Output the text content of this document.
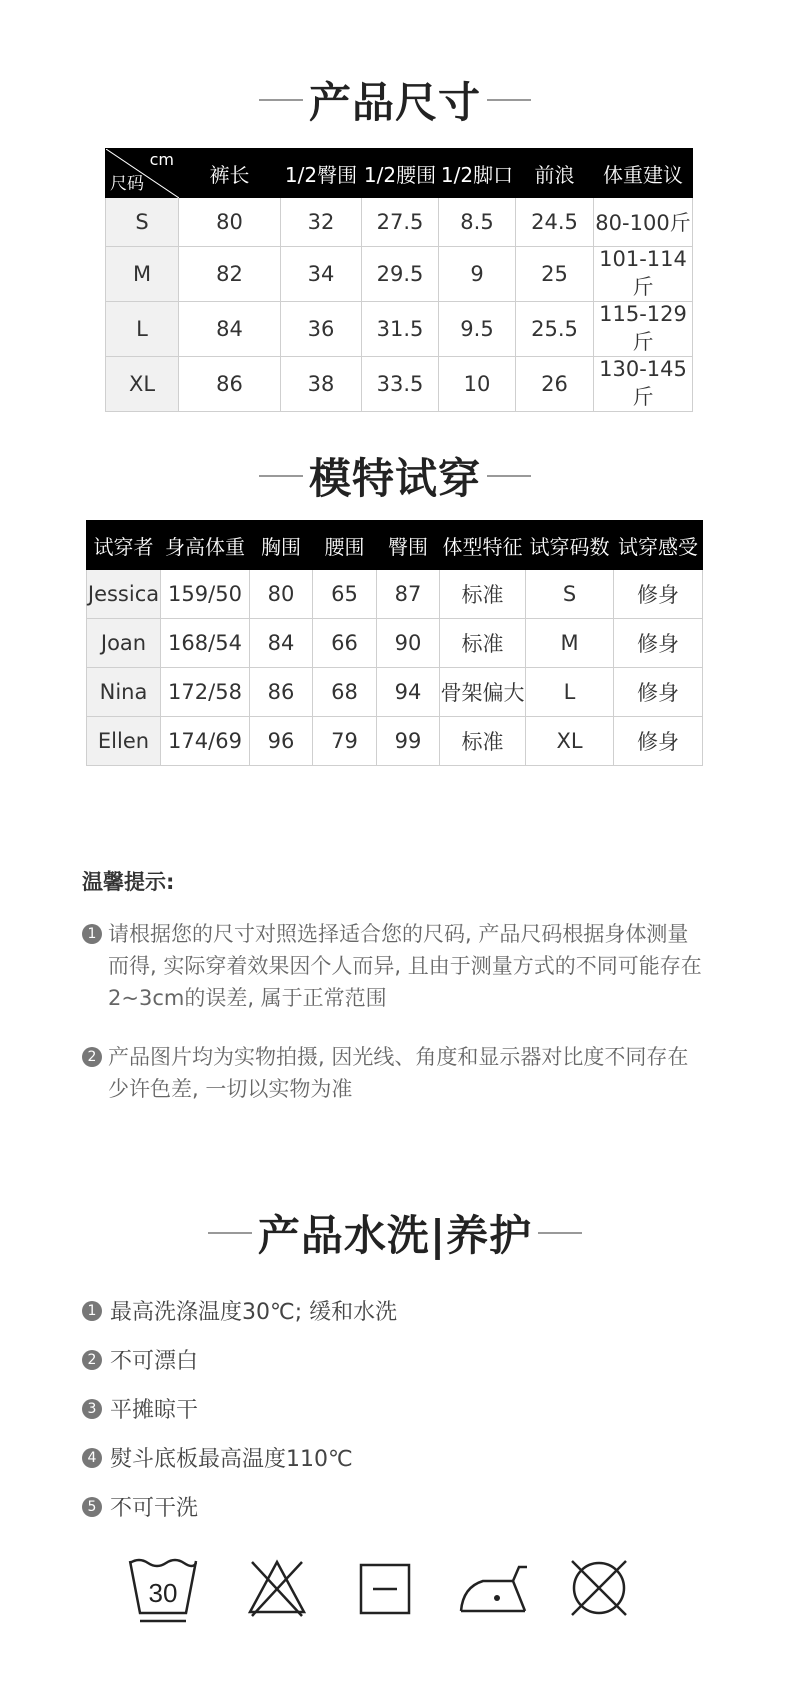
产品尺寸
cm
尺码	裤长	1/2臀围	1/2腰围	1/2脚口	前浪	体重建议
S	80	32	27.5	8.5	24.5	80-100斤
M	82	34	29.5	9	25	101-114斤
L	84	36	31.5	9.5	25.5	115-129斤
XL	86	38	33.5	10	26	130-145斤
模特试穿
试穿者	身高体重	胸围	腰围	臀围	体型特征	试穿码数	试穿感受
Jessica	159/50	80	65	87	标准	S	修身
Joan	168/54	84	66	90	标准	M	修身
Nina	172/58	86	68	94	骨架偏大	L	修身
Ellen	174/69	96	79	99	标准	XL	修身
温馨提示:
1 请根据您的尺寸对照选择适合您的尺码, 产品尺码根据身体测量而得, 实际穿着效果因个人而异, 且由于测量方式的不同可能存在2~3cm的误差, 属于正常范围
2 产品图片均为实物拍摄, 因光线、角度和显示器对比度不同存在少许色差, 一切以实物为准
产品水洗|养护
1 最高洗涤温度30℃; 缓和水洗
2 不可漂白
3 平摊晾干
4 熨斗底板最高温度110℃
5 不可干洗
30
